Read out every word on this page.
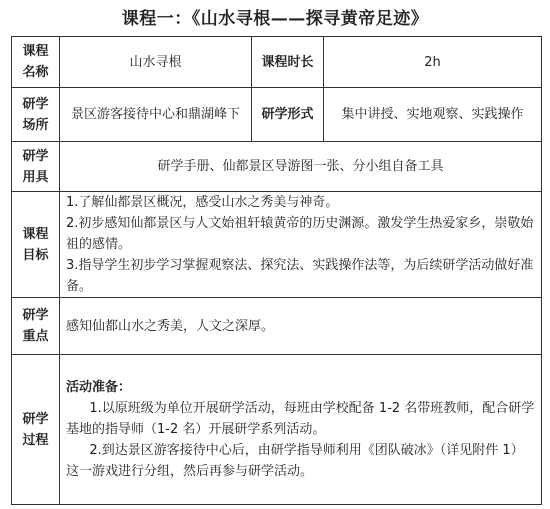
课程一：《山水寻根——探寻黄帝足迹》
课程名称	山水寻根	课程时长	2h
研学场所	景区游客接待中心和鼎湖峰下	研学形式	集中讲授、实地观察、实践操作
研学用具	研学手册、仙都景区导游图一张、分小组自备工具		
课程目标	1.了解仙都景区概况，感受山水之秀美与神奇。

2.初步感知仙都景区与人文始祖轩辕黄帝的历史渊源。激发学生热爱家乡，崇敬始祖的感情。

3.指导学生初步学习掌握观察法、探究法、实践操作法等，为后续研学活动做好准备。		

研学重点	感知仙都山水之秀美，人文之深厚。		
研学过程	活动准备：

1.以原班级为单位开展研学活动，每班由学校配备 1-2 名带班教师，配合研学基地的指导师（1-2 名）开展研学系列活动。

2.到达景区游客接待中心后，由研学指导师利用《团队破冰》（详见附件 1）这一游戏进行分组，然后再参与研学活动。		
